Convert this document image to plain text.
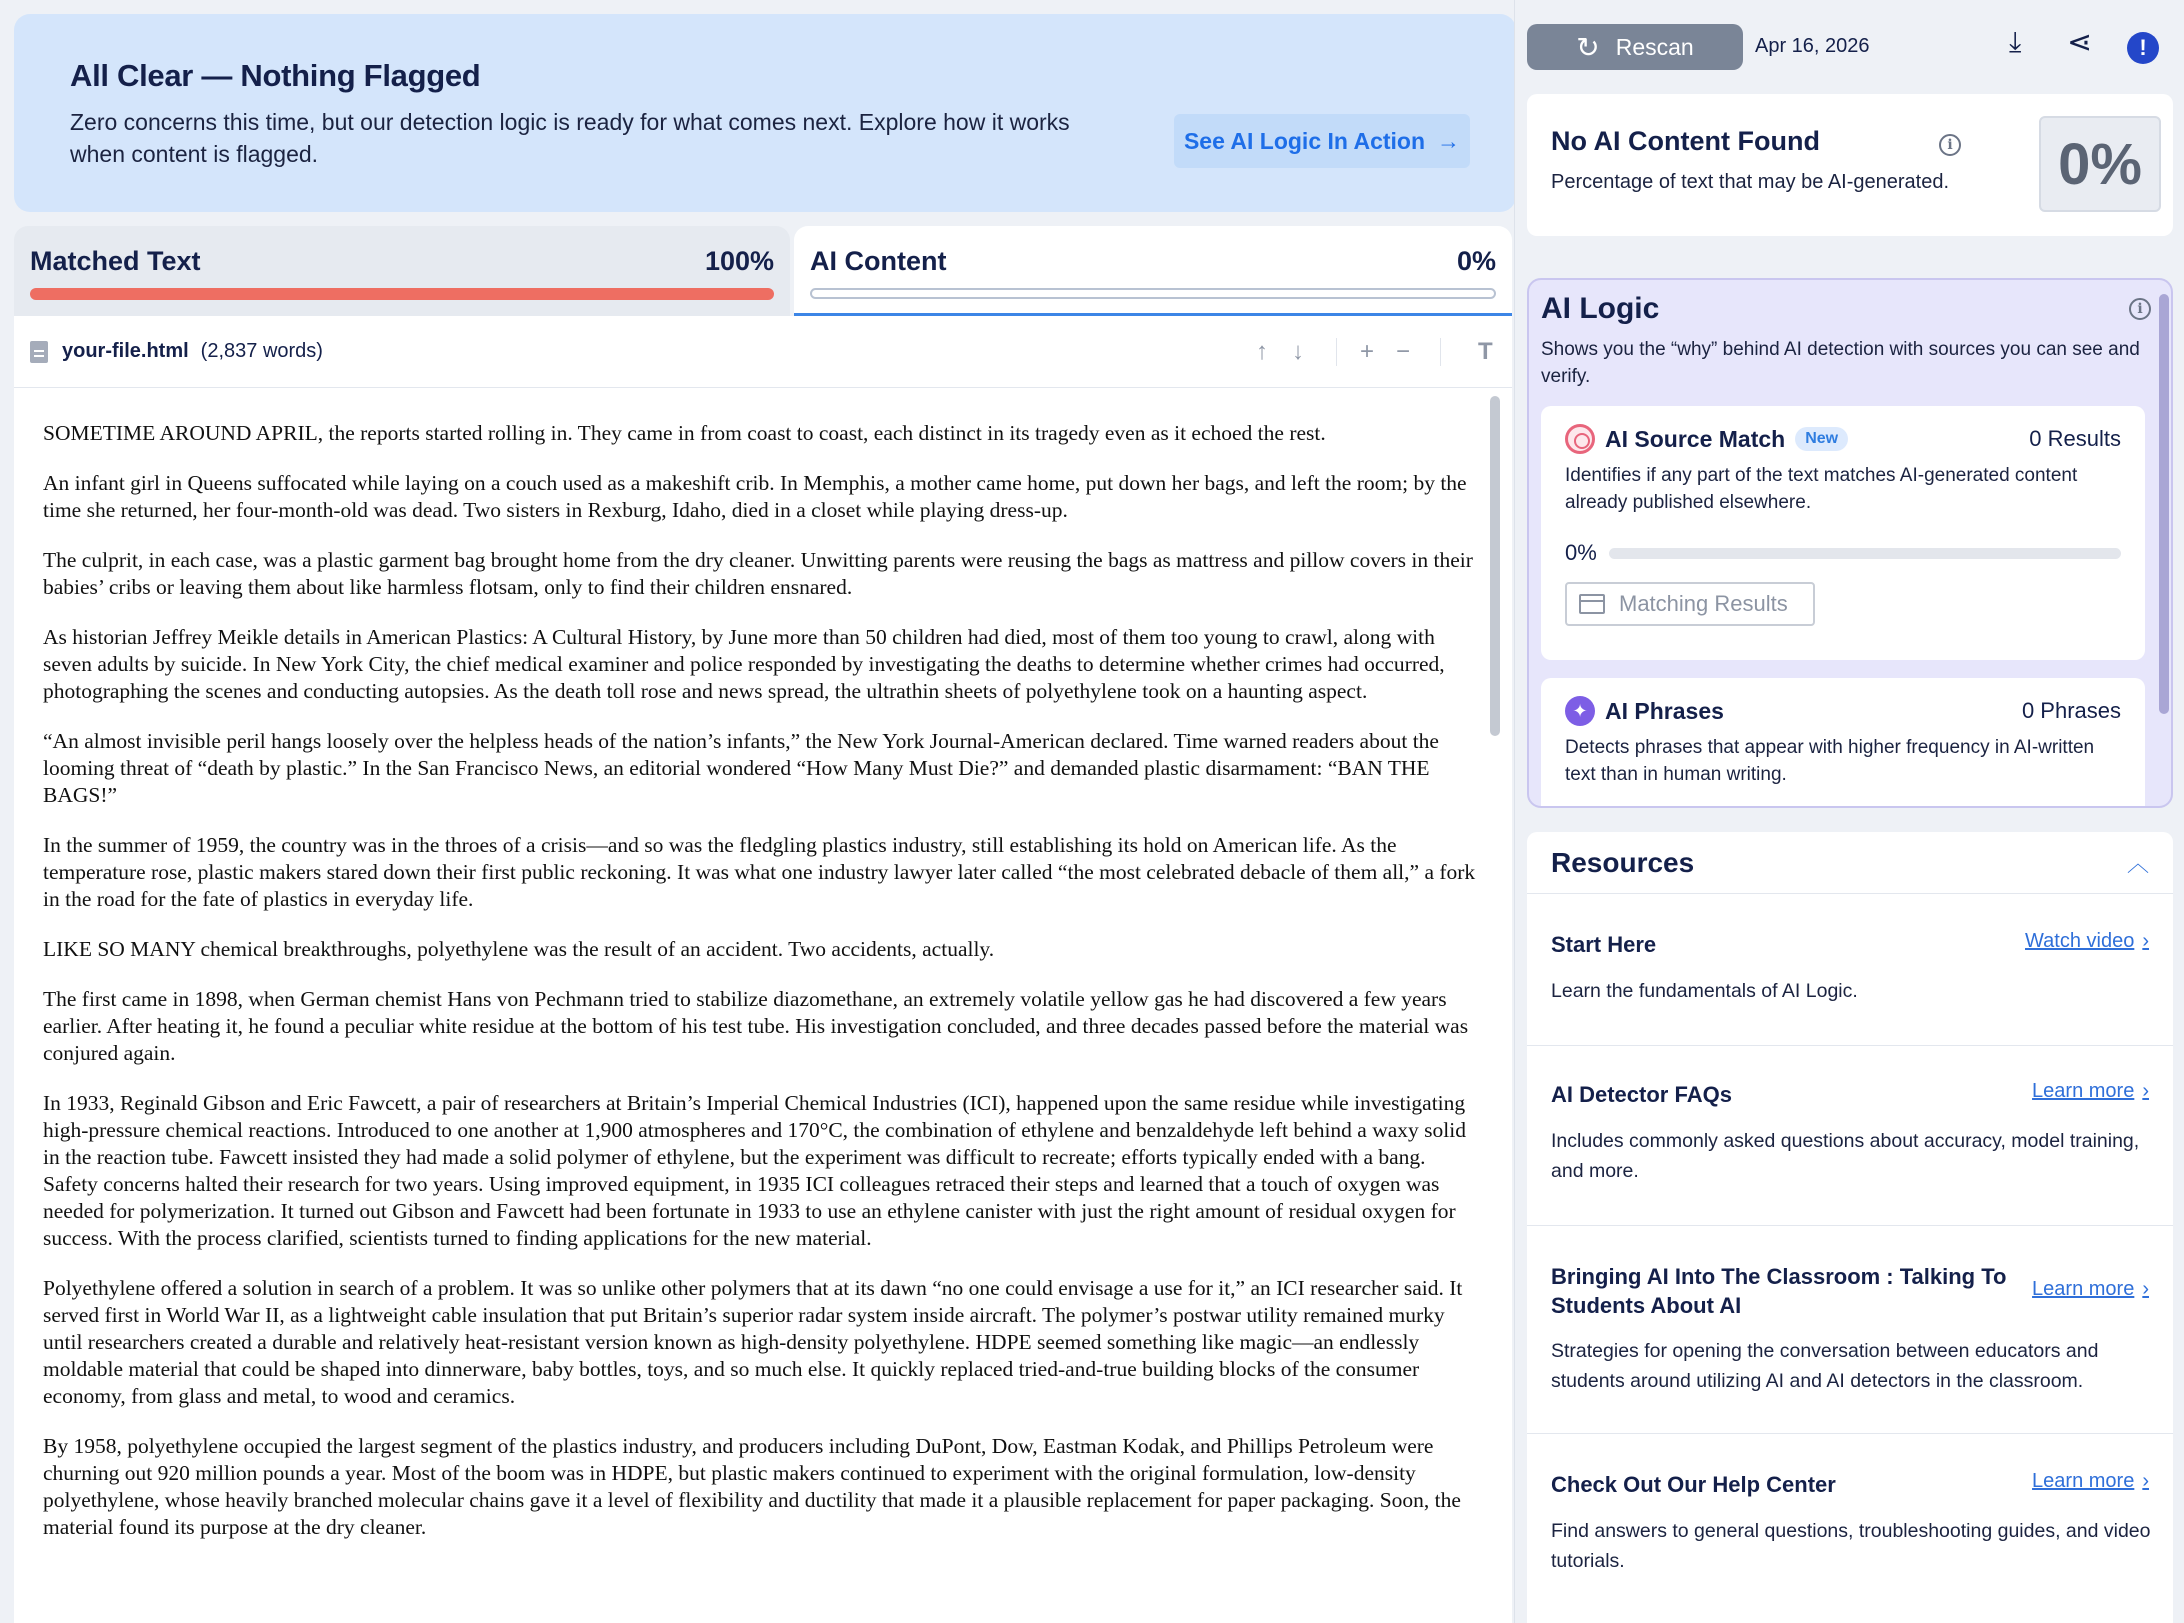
All Clear — Nothing Flagged

Zero concerns this time, but our detection logic is ready for what comes next. Explore how it works when content is flagged.

See AI Logic In Action →
Matched Text	100% AI Content	0%
your-file.html (2,837 words)	↑ ↓ + −	T

SOMETIME AROUND APRIL, the reports started rolling in. They came in from coast to coast, each distinct in its tragedy even as it echoed the rest.

An infant girl in Queens suffocated while laying on a couch used as a makeshift crib. In Memphis, a mother came home, put down her bags, and left the room; by the time she returned, her four-month-old was dead. Two sisters in Rexburg, Idaho, died in a closet while playing dress-up.

The culprit, in each case, was a plastic garment bag brought home from the dry cleaner. Unwitting parents were reusing the bags as mattress and pillow covers in their babies’ cribs or leaving them about like harmless flotsam, only to find their children ensnared.

As historian Jeffrey Meikle details in American Plastics: A Cultural History, by June more than 50 children had died, most of them too young to crawl, along with seven adults by suicide. In New York City, the chief medical examiner and police responded by investigating the deaths to determine whether crimes had occurred, photographing the scenes and conducting autopsies. As the death toll rose and news spread, the ultrathin sheets of polyethylene took on a haunting aspect.

“An almost invisible peril hangs loosely over the helpless heads of the nation’s infants,” the New York Journal-American declared. Time warned readers about the looming threat of “death by plastic.” In the San Francisco News, an editorial wondered “How Many Must Die?” and demanded plastic disarmament: “BAN THE BAGS!”

In the summer of 1959, the country was in the throes of a crisis—and so was the fledgling plastics industry, still establishing its hold on American life. As the temperature rose, plastic makers stared down their first public reckoning. It was what one industry lawyer later called “the most celebrated debacle of them all,” a fork in the road for the fate of plastics in everyday life.

LIKE SO MANY chemical breakthroughs, polyethylene was the result of an accident. Two accidents, actually.

The first came in 1898, when German chemist Hans von Pechmann tried to stabilize diazomethane, an extremely volatile yellow gas he had discovered a few years earlier. After heating it, he found a peculiar white residue at the bottom of his test tube. His investigation concluded, and three decades passed before the material was conjured again.

In 1933, Reginald Gibson and Eric Fawcett, a pair of researchers at Britain’s Imperial Chemical Industries (ICI), happened upon the same residue while investigating high-pressure chemical reactions. Introduced to one another at 1,900 atmospheres and 170°C, the combination of ethylene and benzaldehyde left behind a waxy solid in the reaction tube. Fawcett insisted they had made a solid polymer of ethylene, but the experiment was difficult to recreate; efforts typically ended with a bang. Safety concerns halted their research for two years. Using improved equipment, in 1935 ICI colleagues retraced their steps and learned that a touch of oxygen was needed for polymerization. It turned out Gibson and Fawcett had been fortunate in 1933 to use an ethylene canister with just the right amount of residual oxygen for success. With the process clarified, scientists turned to finding applications for the new material.

Polyethylene offered a solution in search of a problem. It was so unlike other polymers that at its dawn “no one could envisage a use for it,” an ICI researcher said. It served first in World War II, as a lightweight cable insulation that put Britain’s superior radar system inside aircraft. The polymer’s postwar utility remained murky until researchers created a durable and relatively heat-resistant version known as high-density polyethylene. HDPE seemed something like magic—an endlessly moldable material that could be shaped into dinnerware, baby bottles, toys, and so much else. It quickly replaced tried-and-true building blocks of the consumer economy, from glass and metal, to wood and ceramics.

By 1958, polyethylene occupied the largest segment of the plastics industry, and producers including DuPont, Dow, Eastman Kodak, and Phillips Petroleum were churning out 920 million pounds a year. Most of the boom was in HDPE, but plastic makers continued to experiment with the original formulation, low-density polyethylene, whose heavily branched molecular chains gave it a level of flexibility and ductility that made it a plausible replacement for paper packaging. Soon, the material found its purpose at the dry cleaner.

↻ Rescan	Apr 16, 2026	⤓ ⋖	!
No AI Content Found

Percentage of text that may be AI-generated.

i	0%
AI Logic	i
Shows you the “why” behind AI detection with sources you can see and verify.
AI Source Match	New	0 Results

Identifies if any part of the text matches AI-generated content already published elsewhere.

0%
Matching Results
✦ AI Phrases	0 Phrases

Detects phrases that appear with higher frequency in AI-written text than in human writing.

Resources	︿
Start Here	Watch video ›
Learn the fundamentals of AI Logic.
AI Detector FAQs	Learn more ›
Includes commonly asked questions about accuracy, model training, and more.
Bringing AI Into The Classroom : Talking To Students About AI
Learn more ›
Strategies for opening the conversation between educators and students around utilizing AI and AI detectors in the classroom.
Check Out Our Help Center	Learn more ›
Find answers to general questions, troubleshooting guides, and video tutorials.
